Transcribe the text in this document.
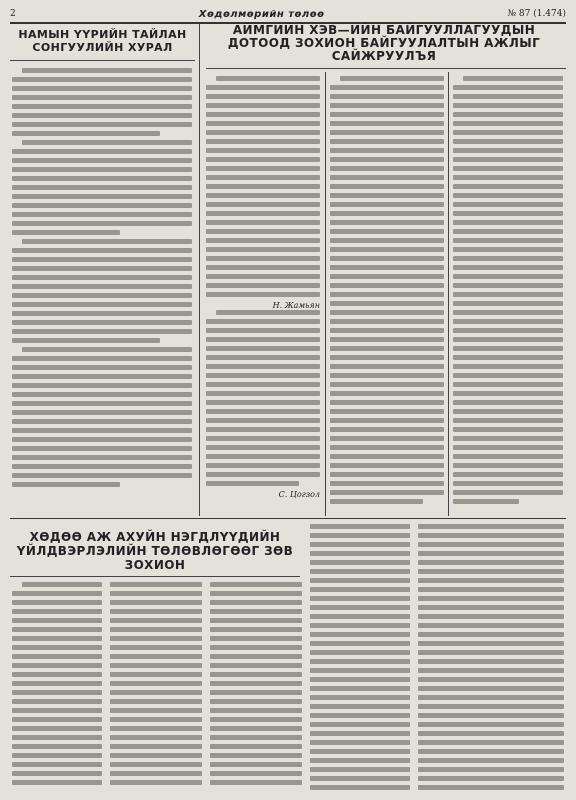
2	Хөдөлмөрийн төлөө	№ 87 (1.474)
НАМЫН ҮҮРИЙН ТАЙЛАН СОНГУУЛИЙН ХУРАЛ
АЙМГИЙН ХЭВ—ИЙН БАЙГУУЛЛАГУУДЫН ДОТООД ЗОХИОН БАЙГУУЛАЛТЫН АЖЛЫГ САЙЖРУУЛЪЯ
Н. Жамьян
С. Цогзол
ХӨДӨӨ АЖ АХУЙН НЭГДЛҮҮДИЙН ҮЙЛДВЭРЛЭЛИЙН ТӨЛӨВЛӨГӨӨГ ЗӨВ ЗОХИОН
